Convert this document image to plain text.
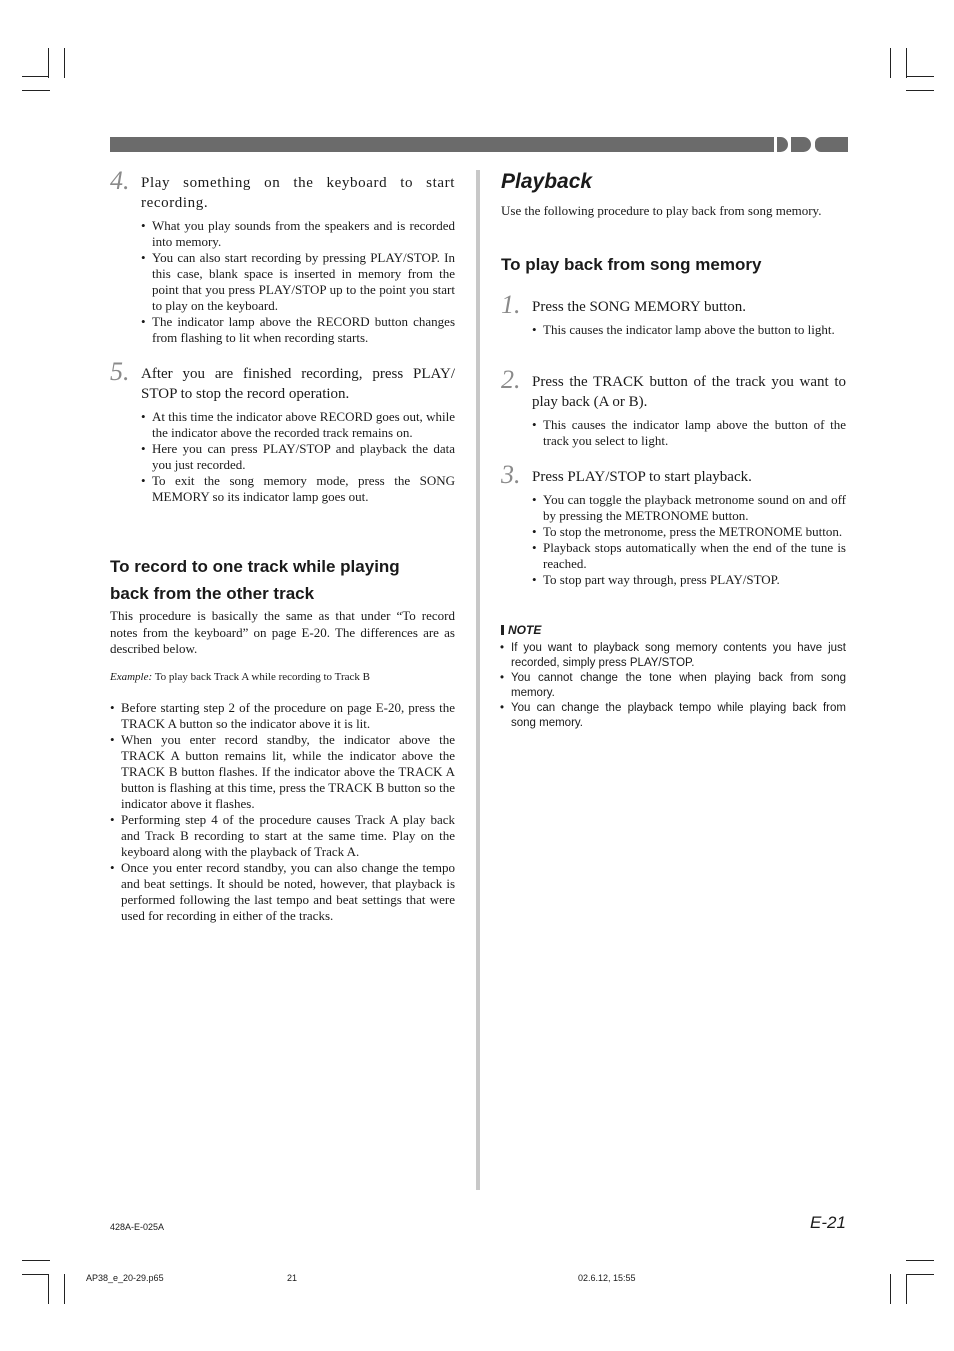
4. Play something on the keyboard to start recording.
• What you play sounds from the speakers and is recorded into memory.
• You can also start recording by pressing PLAY/STOP. In this case, blank space is inserted in memory from the point that you press PLAY/STOP up to the point you start to play on the keyboard.
• The indicator lamp above the RECORD button changes from flashing to lit when recording starts.
5. After you are finished recording, press PLAY/ STOP to stop the record operation.
• At this time the indicator above RECORD goes out, while the indicator above the recorded track remains on.
• Here you can press PLAY/STOP and playback the data you just recorded.
• To exit the song memory mode, press the SONG MEMORY so its indicator lamp goes out.
To record to one track while playing back from the other track
This procedure is basically the same as that under “To record notes from the keyboard” on page E-20. The differences are as described below.
Example: To play back Track A while recording to Track B
• Before starting step 2 of the procedure on page E-20, press the TRACK A button so the indicator above it is lit.
• When you enter record standby, the indicator above the TRACK A button remains lit, while the indicator above the TRACK B button flashes. If the indicator above the TRACK A button is flashing at this time, press the TRACK B button so the indicator above it flashes.
• Performing step 4 of the procedure causes Track A play back and Track B recording to start at the same time. Play on the keyboard along with the playback of Track A.
• Once you enter record standby, you can also change the tempo and beat settings. It should be noted, however, that playback is performed following the last tempo and beat settings that were used for recording in either of the tracks.
Playback
Use the following procedure to play back from song memory.
To play back from song memory
1. Press the SONG MEMORY button.
• This causes the indicator lamp above the button to light.
2. Press the TRACK button of the track you want to play back (A or B).
• This causes the indicator lamp above the button of the track you select to light.
3. Press PLAY/STOP to start playback.
• You can toggle the playback metronome sound on and off by pressing the METRONOME button.
• To stop the metronome, press the METRONOME button.
• Playback stops automatically when the end of the tune is reached.
• To stop part way through, press PLAY/STOP.
NOTE
• If you want to playback song memory contents you have just recorded, simply press PLAY/STOP.
• You cannot change the tone when playing back from song memory.
• You can change the playback tempo while playing back from song memory.
428A-E-025A	E-21
AP38_e_20-29.p65	21	02.6.12, 15:55
